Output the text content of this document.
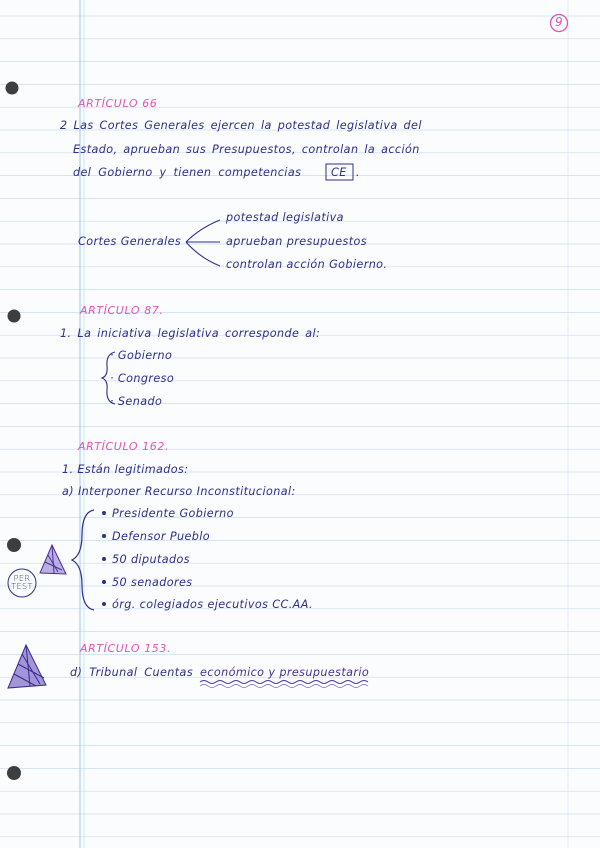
9
ARTÍCULO 66
2 Las Cortes Generales ejercen la potestad legislativa del
Estado, aprueban sus Presupuestos, controlan la acción
del Gobierno y tienen competencias	CE .
Cortes Generales
potestad legislativa
aprueban presupuestos
controlan acción Gobierno.
ARTÍCULO 87.
1. La iniciativa legislativa corresponde al:
· Gobierno
· Congreso
· Senado
ARTÍCULO 162.
1. Están legitimados:
a) Interponer Recurso Inconstitucional:
Presidente Gobierno
Defensor Pueblo
50 diputados
50 senadores
órg. colegiados ejecutivos CC.AA.
PER TEST
ARTÍCULO 153.
d) Tribunal Cuentas económico y presupuestario
